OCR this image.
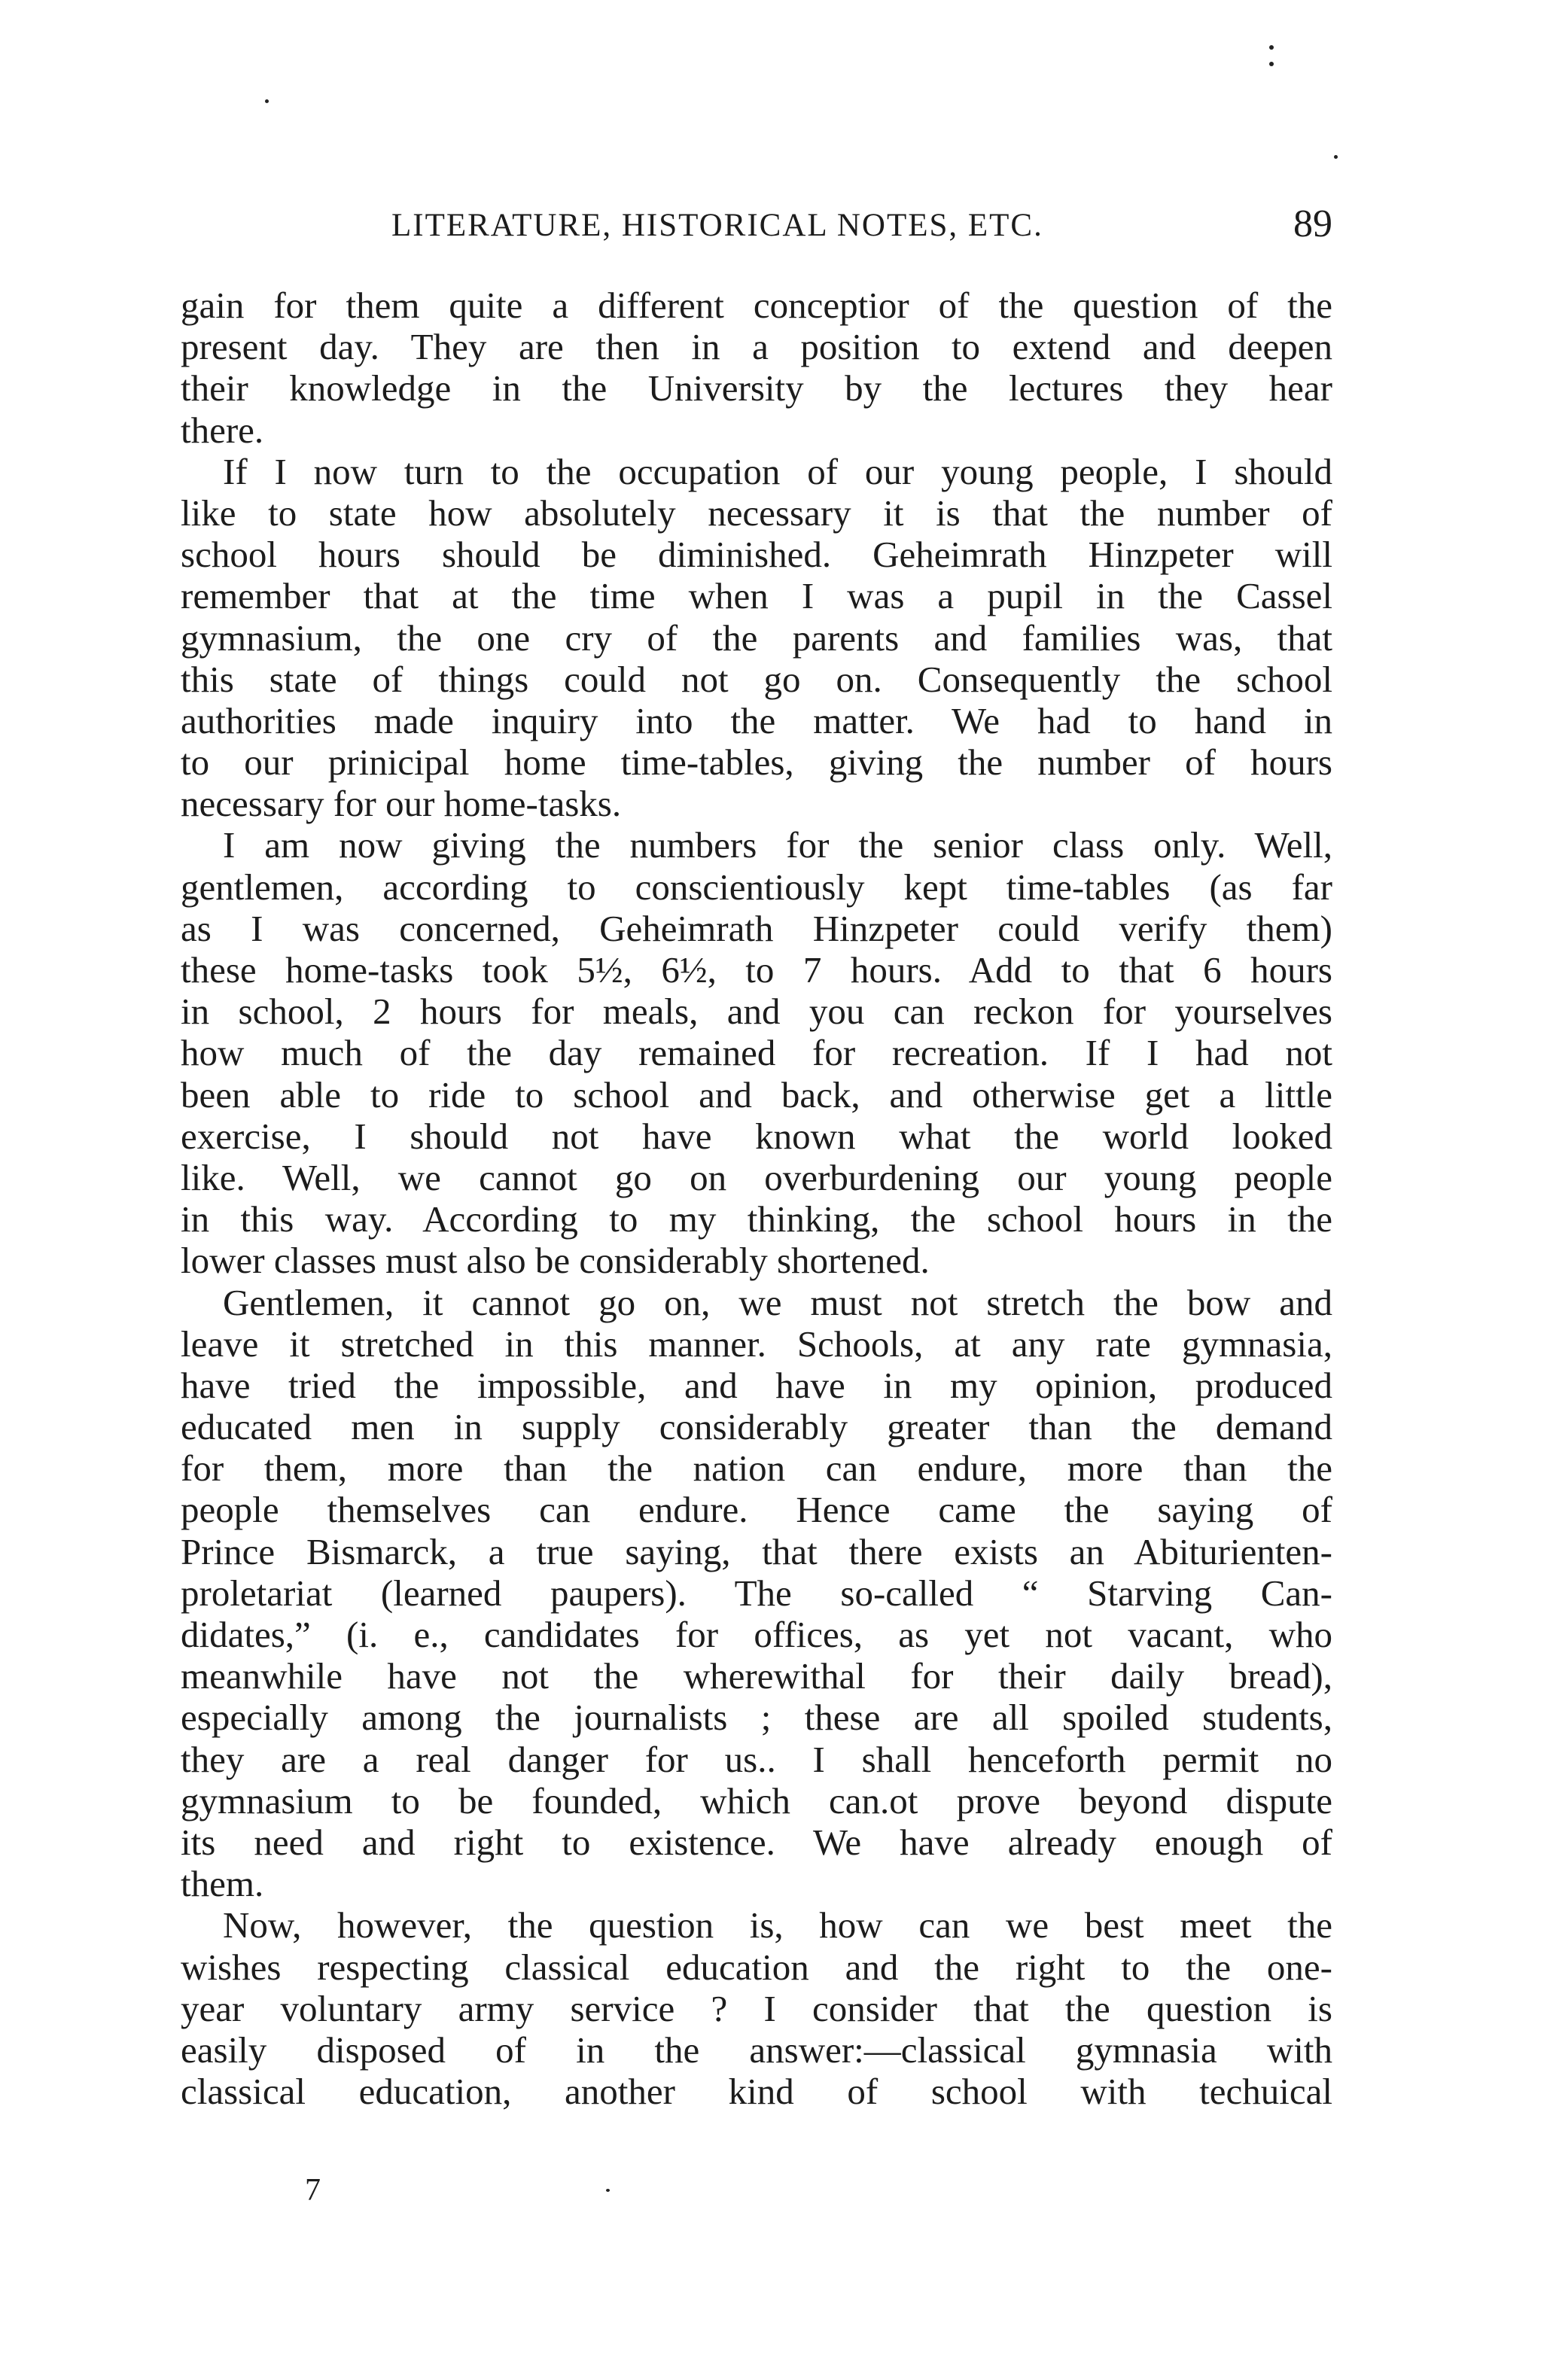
LITERATURE, HISTORICAL NOTES, ETC.	89
gain for them quite a different conceptior of the question of the
present day. They are then in a position to extend and deepen
their knowledge in the University by the lectures they hear
there.
If I now turn to the occupation of our young people, I should
like to state how absolutely necessary it is that the number of
school hours should be diminished. Geheimrath Hinzpeter will
remember that at the time when I was a pupil in the Cassel
gymnasium, the one cry of the parents and families was, that
this state of things could not go on. Consequently the school
authorities made inquiry into the matter. We had to hand in
to our prinicipal home time-tables, giving the number of hours
necessary for our home-tasks.
I am now giving the numbers for the senior class only. Well,
gentlemen, according to conscientiously kept time-tables (as far
as I was concerned, Geheimrath Hinzpeter could verify them)
these home-tasks took 5½, 6½, to 7 hours. Add to that 6 hours
in school, 2 hours for meals, and you can reckon for yourselves
how much of the day remained for recreation. If I had not
been able to ride to school and back, and otherwise get a little
exercise, I should not have known what the world looked
like. Well, we cannot go on overburdening our young people
in this way. According to my thinking, the school hours in the
lower classes must also be considerably shortened.
Gentlemen, it cannot go on, we must not stretch the bow and
leave it stretched in this manner. Schools, at any rate gymnasia,
have tried the impossible, and have in my opinion, produced
educated men in supply considerably greater than the demand
for them, more than the nation can endure, more than the
people themselves can endure. Hence came the saying of
Prince Bismarck, a true saying, that there exists an Abiturienten-
proletariat (learned paupers). The so-called “ Starving Can-
didates,” (i. e., candidates for offices, as yet not vacant, who
meanwhile have not the wherewithal for their daily bread),
especially among the journalists ; these are all spoiled students,
they are a real danger for us.. I shall henceforth permit no
gymnasium to be founded, which can.ot prove beyond dispute
its need and right to existence. We have already enough of
them.
Now, however, the question is, how can we best meet the
wishes respecting classical education and the right to the one-
year voluntary army service ? I consider that the question is
easily disposed of in the answer:—classical gymnasia with
classical education, another kind of school with techuical
7
